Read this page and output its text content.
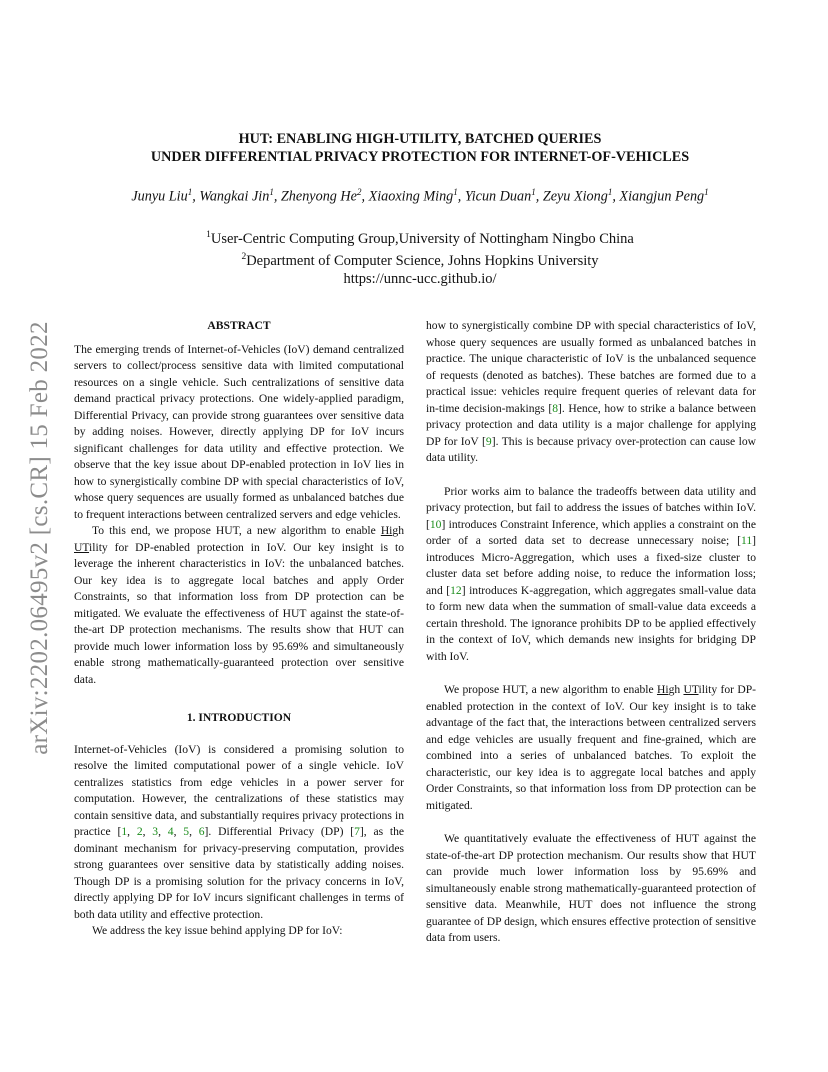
arXiv:2202.06495v2 [cs.CR] 15 Feb 2022
HUT: ENABLING HIGH-UTILITY, BATCHED QUERIES
UNDER DIFFERENTIAL PRIVACY PROTECTION FOR INTERNET-OF-VEHICLES
Junyu Liu$^1$, Wangkai Jin$^1$, Zhenyong He$^2$, Xiaoxing Ming$^1$, Yicun Duan$^1$, Zeyu Xiong$^1$, Xiangjun Peng$^1$
$^1$User-Centric Computing Group,University of Nottingham Ningbo China
$^2$Department of Computer Science, Johns Hopkins University
https://unnc-ucc.github.io/
ABSTRACT

The emerging trends of Internet-of-Vehicles (IoV) demand centralized servers to collect/process sensitive data with limited computational resources on a single vehicle. Such centralizations of sensitive data demand practical privacy protections. One widely-applied paradigm, Differential Privacy, can provide strong guarantees over sensitive data by adding noises. However, directly applying DP for IoV incurs significant challenges for data utility and effective protection. We observe that the key issue about DP-enabled protection in IoV lies in how to synergistically combine DP with special characteristics of IoV, whose query sequences are usually formed as unbalanced batches due to frequent interactions between centralized servers and edge vehicles.

To this end, we propose HUT, a new algorithm to enable High UTility for DP-enabled protection in IoV. Our key insight is to leverage the inherent characteristics in IoV: the unbalanced batches. Our key idea is to aggregate local batches and apply Order Constraints, so that information loss from DP protection can be mitigated. We evaluate the effectiveness of HUT against the state-of-the-art DP protection mechanisms. The results show that HUT can provide much lower information loss by 95.69% and simultaneously enable strong mathematically-guaranteed protection over sensitive data.

1. INTRODUCTION

Internet-of-Vehicles (IoV) is considered a promising solution to resolve the limited computational power of a single vehicle. IoV centralizes statistics from edge vehicles in a power server for computation. However, the centralizations of these statistics may contain sensitive data, and substantially requires privacy protections in practice [1, 2, 3, 4, 5, 6]. Differential Privacy (DP) [7], as the dominant mechanism for privacy-preserving computation, provides strong guarantees over sensitive data by statistically adding noises. Though DP is a promising solution for the privacy concerns in IoV, directly applying DP for IoV incurs significant challenges in terms of both data utility and effective protection.

We address the key issue behind applying DP for IoV:

how to synergistically combine DP with special characteristics of IoV, whose query sequences are usually formed as unbalanced batches in practice. The unique characteristic of IoV is the unbalanced sequence of requests (denoted as batches). These batches are formed due to a practical issue: vehicles require frequent queries of relevant data for in-time decision-makings [8]. Hence, how to strike a balance between privacy protection and data utility is a major challenge for applying DP for IoV [9]. This is because privacy over-protection can cause low data utility.

Prior works aim to balance the tradeoffs between data utility and privacy protection, but fail to address the issues of batches within IoV. [10] introduces Constraint Inference, which applies a constraint on the order of a sorted data set to decrease unnecessary noise; [11] introduces Micro-Aggregation, which uses a fixed-size cluster to cluster data set before adding noise, to reduce the information loss; and [12] introduces K-aggregation, which aggregates small-value data to form new data when the summation of small-value data exceeds a certain threshold. The ignorance prohibits DP to be applied effectively in the context of IoV, which demands new insights for bridging DP with IoV.

We propose HUT, a new algorithm to enable High UTility for DP-enabled protection in the context of IoV. Our key insight is to take advantage of the fact that, the interactions between centralized servers and edge vehicles are usually frequent and fine-grained, which are combined into a series of unbalanced batches. To exploit the characteristic, our key idea is to aggregate local batches and apply Order Constraints, so that information loss from DP protection can be mitigated.

We quantitatively evaluate the effectiveness of HUT against the state-of-the-art DP protection mechanism. Our results show that HUT can provide much lower information loss by 95.69% and simultaneously enable strong mathematically-guaranteed protection of sensitive data. Meanwhile, HUT does not influence the strong guarantee of DP design, which ensures effective protection of sensitive data from users.
